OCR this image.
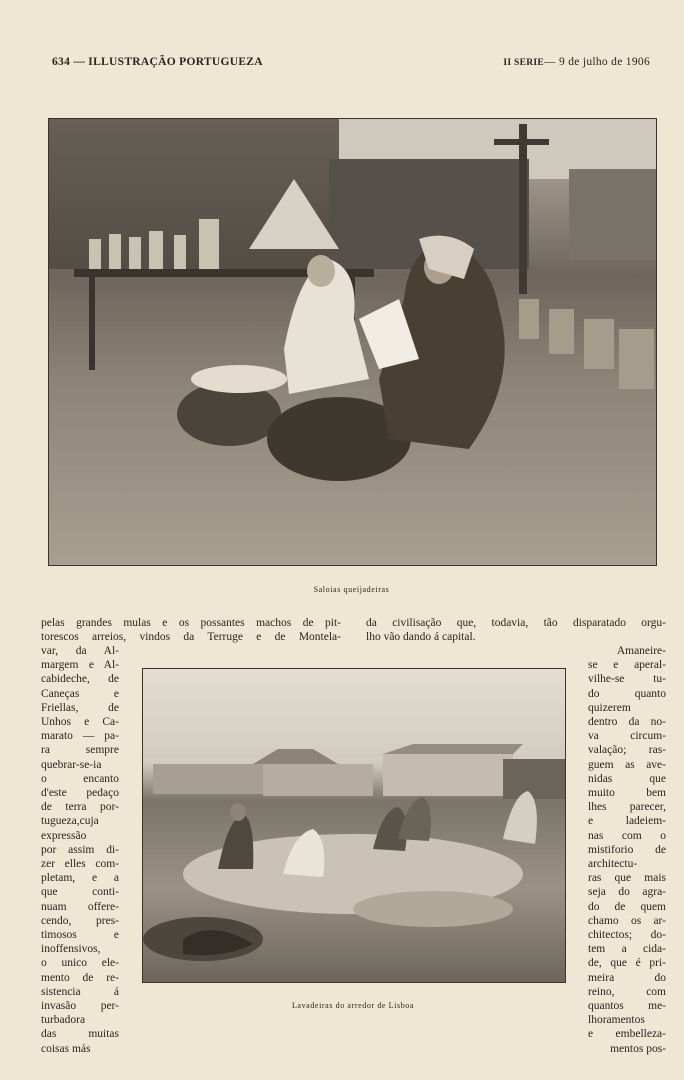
634 — ILLUSTRAÇÃO PORTUGUEZA	II SERIE— 9 de julho de 1906
Saloias queijadeiras
pelas grandes mulas e os possantes machos de pit-
torescos arreios, vindos da Terruge e de Montela-
da civilisação que, todavia, tão disparatado orgu-
lho vão dando á capital.
var, da Al-
margem e Al-
cabideche, de
Caneças e
Friellas, de
Unhos e Ca-
marato — pa-
ra sempre
quebrar-se-ia
o encanto
d'este pedaço
de terra por-
tugueza,cuja
expressão
por assim di-
zer elles com-
pletam, e a
que conti-
nuam offere-
cendo, pres-
timosos e
inoffensivos,
o unico ele-
mento de re-
sistencia á
invasão per-
turbadora
das muitas
coisas más
Lavadeiras do arredor de Lisboa
Amaneire-
se e aperal-
vilhe-se tu-
do quanto
quizerem
dentro da no-
va circum-
valação; ras-
guem as ave-
nidas que
muito bem
lhes parecer,
e ladeiem-
nas com o
mistiforio de
architectu-
ras que mais
seja do agra-
do de quem
chamo os ar-
chitectos; do-
tem a cida-
de, que é pri-
meira do
reino, com
quantos me-
lhoramentos
e embelleza-
mentos pos-
